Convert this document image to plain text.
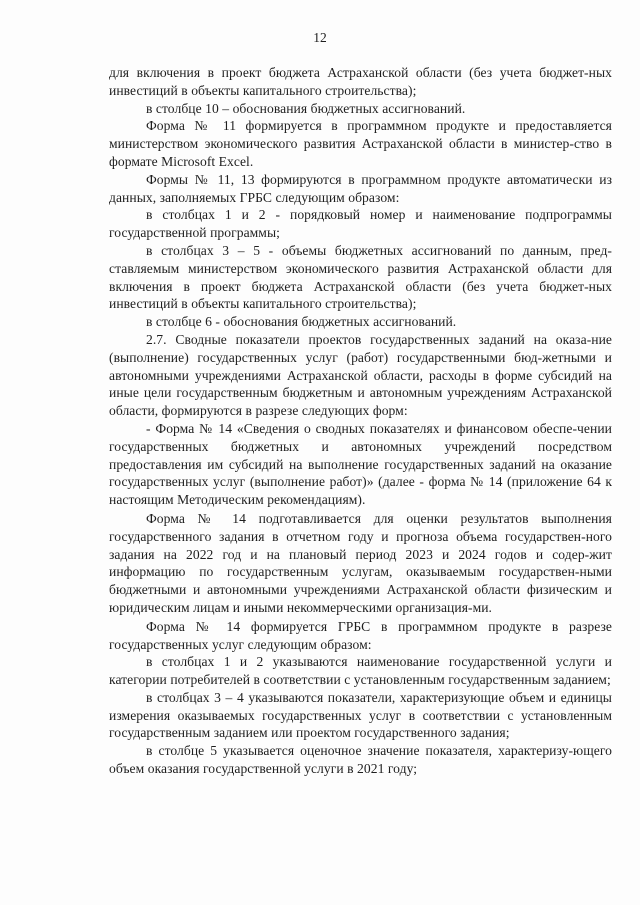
12

для включения в проект бюджета Астраханской области (без учета бюджет-ных инвестиций в объекты капитального строительства);

в столбце 10 – обоснования бюджетных ассигнований.

Форма № 11 формируется в программном продукте и предоставляется министерством экономического развития Астраханской области в министер-ство в формате Microsoft Excel.

Формы № 11, 13 формируются в программном продукте автоматически из данных, заполняемых ГРБС следующим образом:

в столбцах 1 и 2 - порядковый номер и наименование подпрограммы государственной программы;

в столбцах 3 – 5 - объемы бюджетных ассигнований по данным, пред-ставляемым министерством экономического развития Астраханской области для включения в проект бюджета Астраханской области (без учета бюджет-ных инвестиций в объекты капитального строительства);

в столбце 6 - обоснования бюджетных ассигнований.

2.7. Сводные показатели проектов государственных заданий на оказа-ние (выполнение) государственных услуг (работ) государственными бюд-жетными и автономными учреждениями Астраханской области, расходы в форме субсидий на иные цели государственным бюджетным и автономным учреждениям Астраханской области, формируются в разрезе следующих форм:

- Форма № 14 «Сведения о сводных показателях и финансовом обеспе-чении государственных бюджетных и автономных учреждений посредством предоставления им субсидий на выполнение государственных заданий на оказание государственных услуг (выполнение работ)» (далее - форма № 14 (приложение 64 к настоящим Методическим рекомендациям).

Форма № 14 подготавливается для оценки результатов выполнения государственного задания в отчетном году и прогноза объема государствен-ного задания на 2022 год и на плановый период 2023 и 2024 годов и содер-жит информацию по государственным услугам, оказываемым государствен-ными бюджетными и автономными учреждениями Астраханской области физическим и юридическим лицам и иными некоммерческими организация-ми.

Форма № 14 формируется ГРБС в программном продукте в разрезе государственных услуг следующим образом:

в столбцах 1 и 2 указываются наименование государственной услуги и категории потребителей в соответствии с установленным государственным заданием;

в столбцах 3 – 4 указываются показатели, характеризующие объем и единицы измерения оказываемых государственных услуг в соответствии с установленным государственным заданием или проектом государственного задания;

в столбце 5 указывается оценочное значение показателя, характеризу-ющего объем оказания государственной услуги в 2021 году;
